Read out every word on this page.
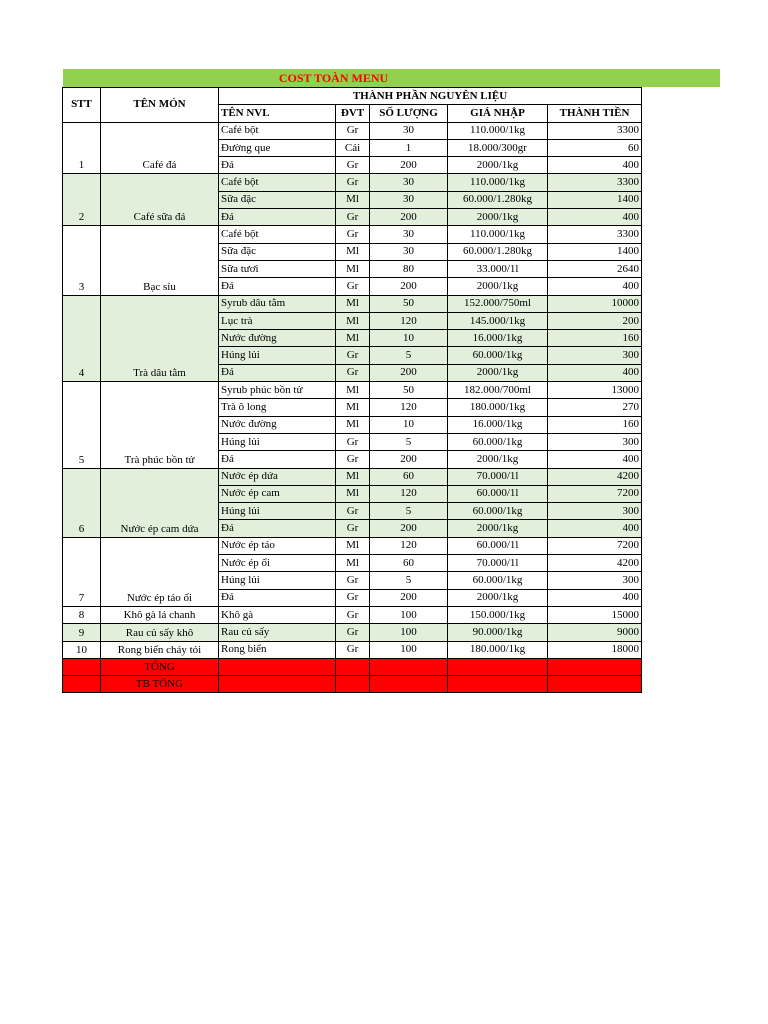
COST TOÀN MENU
STT	TÊN MÓN	THÀNH PHẦN NGUYÊN LIỆU				
		TÊN NVL	ĐVT	SỐ LƯỢNG	GIÁ NHẬP	THÀNH TIỀN
1	Café đá	Café bột	Gr	30	110.000/1kg	3300
		Đường que	Cái	1	18.000/300gr	60
		Đá	Gr	200	2000/1kg	400
2	Café sữa đá	Café bột	Gr	30	110.000/1kg	3300
		Sữa đặc	Ml	30	60.000/1.280kg	1400
		Đá	Gr	200	2000/1kg	400
3	Bạc sỉu	Café bột	Gr	30	110.000/1kg	3300
		Sữa đặc	Ml	30	60.000/1.280kg	1400
		Sữa tươi	Ml	80	33.000/1l	2640
		Đá	Gr	200	2000/1kg	400
4	Trà dâu tằm	Syrub dâu tằm	Ml	50	152.000/750ml	10000
		Lục trà	Ml	120	145.000/1kg	200
		Nước đường	Ml	10	16.000/1kg	160
		Húng lủi	Gr	5	60.000/1kg	300
		Đá	Gr	200	2000/1kg	400
5	Trà phúc bồn tử	Syrub phúc bồn tử	Ml	50	182.000/700ml	13000
		Trà ô long	Ml	120	180.000/1kg	270
		Nước đường	Ml	10	16.000/1kg	160
		Húng lủi	Gr	5	60.000/1kg	300
		Đá	Gr	200	2000/1kg	400
6	Nước ép cam dứa	Nước ép dứa	Ml	60	70.000/1l	4200
		Nước ép cam	Ml	120	60.000/1l	7200
		Húng lủi	Gr	5	60.000/1kg	300
		Đá	Gr	200	2000/1kg	400
7	Nước ép táo ổi	Nước ép táo	Ml	120	60.000/1l	7200
		Nước ép ổi	Ml	60	70.000/1l	4200
		Húng lủi	Gr	5	60.000/1kg	300
		Đá	Gr	200	2000/1kg	400
8	Khô gà lá chanh	Khô gà	Gr	100	150.000/1kg	15000
9	Rau củ sấy khô	Rau củ sấy	Gr	100	90.000/1kg	9000
10	Rong biển cháy tỏi	Rong biển	Gr	100	180.000/1kg	18000
	TỔNG					
	TB TỔNG					
